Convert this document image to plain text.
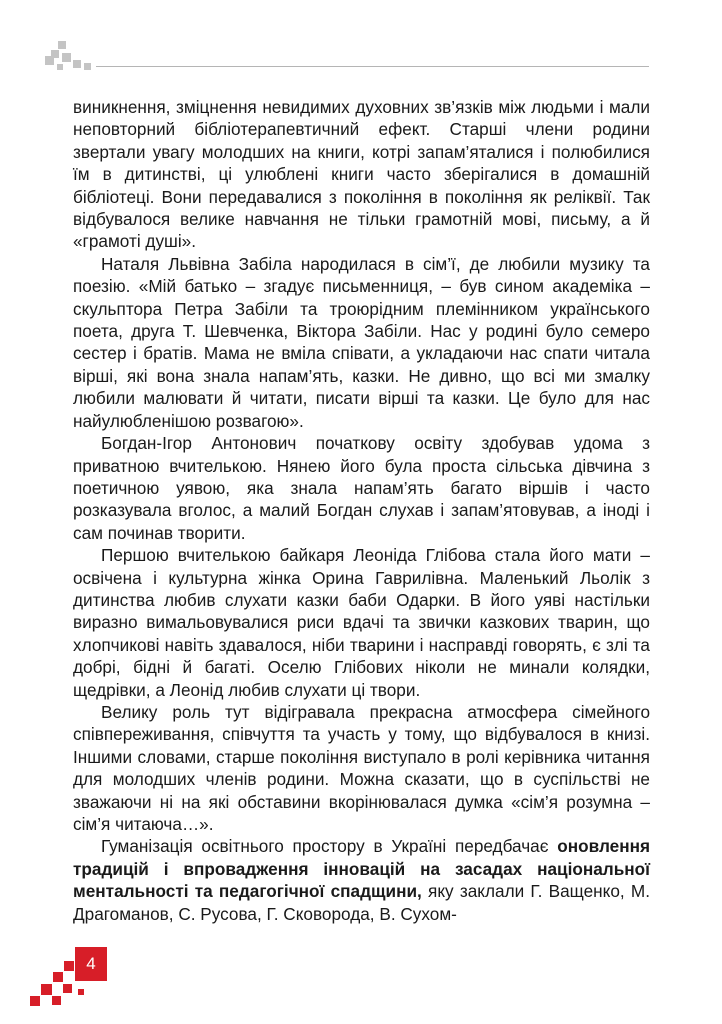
виникнення, зміцнення невидимих духовних зв’язків між людьми і мали неповторний бібліотерапевтичний ефект. Старші члени родини звертали увагу молодших на книги, котрі запам’яталися і полюбилися їм в дитинстві, ці улюблені книги часто зберігалися в домашній бібліотеці. Вони передавалися з покоління в покоління як реліквії. Так відбувалося велике навчання не тільки грамотній мові, письму, а й «грамоті душі».

Наталя Львівна Забіла народилася в сім’ї, де любили музику та поезію. «Мій батько – згадує письменниця, – був сином академіка – скульптора Петра Забіли та троюрідним племінником українського поета, друга Т. Шевченка, Віктора Забіли. Нас у родині було семеро сестер і братів. Мама не вміла співати, а укладаючи нас спати читала вірші, які вона знала напам’ять, казки. Не дивно, що всі ми змалку любили малювати й читати, писати вірші та казки. Це було для нас найулюбленішою розвагою».

Богдан-Ігор Антонович початкову освіту здобував удома з приватною вчителькою. Нянею його була проста сільська дівчина з поетичною уявою, яка знала напам’ять багато віршів і часто розказувала вголос, а малий Богдан слухав і запам’ятовував, а іноді і сам починав творити.

Першою вчителькою байкаря Леоніда Глібова стала його мати – освічена і культурна жінка Орина Гаврилівна. Маленький Льолік з дитинства любив слухати казки баби Одарки. В його уяві настільки виразно вимальовувалися риси вдачі та звички казкових тварин, що хлопчикові навіть здавалося, ніби тварини і насправді говорять, є злі та добрі, бідні й багаті. Оселю Глібових ніколи не минали колядки, щедрівки, а Леонід любив слухати ці твори.

Велику роль тут відігравала прекрасна атмосфера сімейного співпереживання, співчуття та участь у тому, що відбувалося в книзі. Іншими словами, старше покоління виступало в ролі керівника читання для молодших членів родини. Можна сказати, що в суспільстві не зважаючи ні на які обставини вкорінювалася думка «сім’я розумна – сім’я читаюча…».

Гуманізація освітнього простору в Україні передбачає оновлення традицій і впровадження інновацій на засадах національної ментальності та педагогічної спадщини, яку заклали Г. Ващенко, М. Драгоманов, С. Русова, Г. Сковорода, В. Сухом-

4
